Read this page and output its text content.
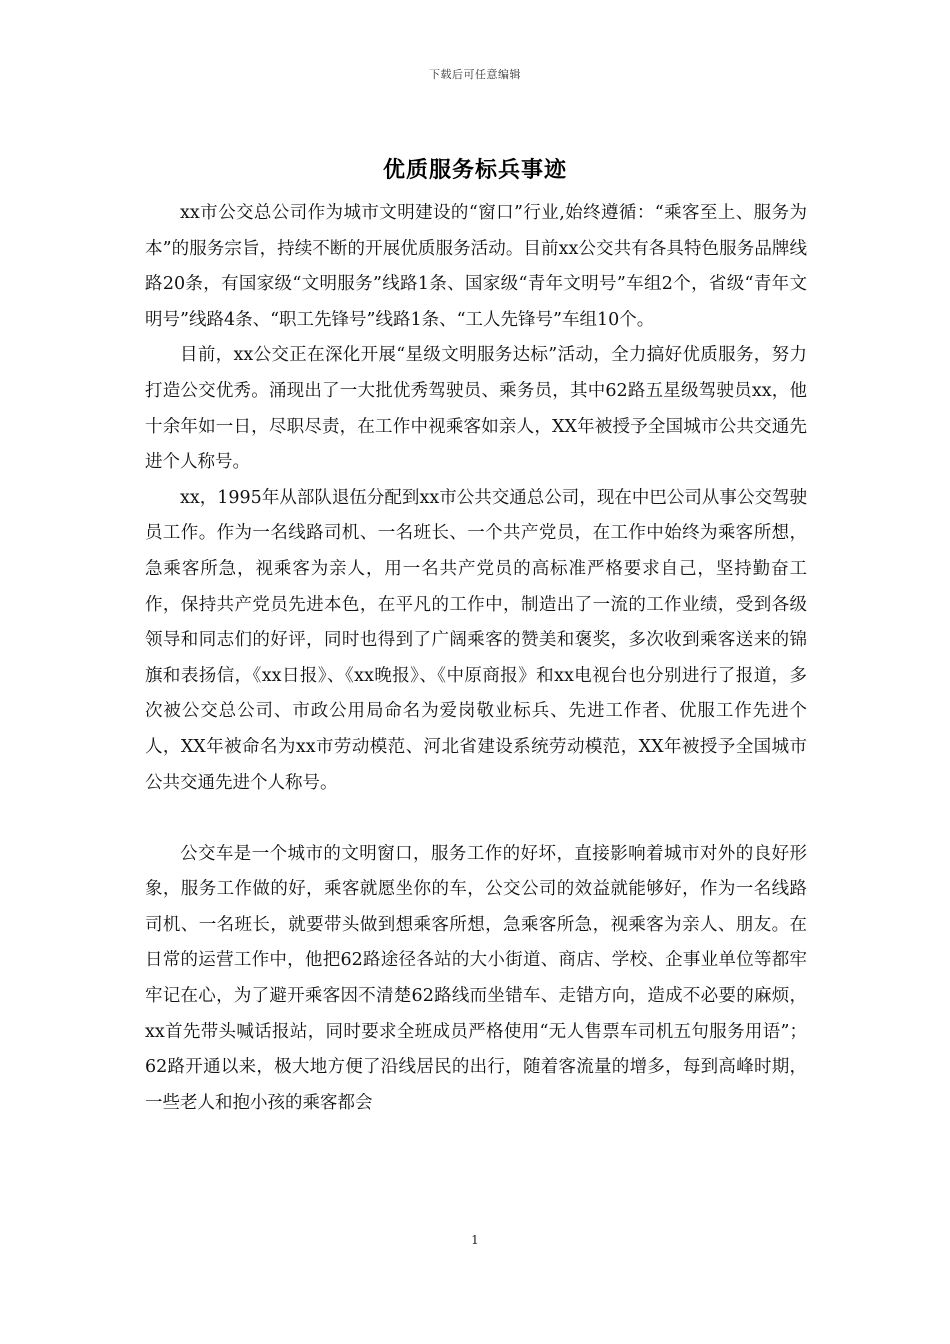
下载后可任意编辑
优质服务标兵事迹

xx市公交总公司作为城市文明建设的“窗口”行业,始终遵循：“乘客至上、服务为本”的服务宗旨，持续不断的开展优质服务活动。目前xx公交共有各具特色服务品牌线路20条，有国家级“文明服务”线路1条、国家级“青年文明号”车组2个，省级“青年文明号”线路4条、“职工先锋号”线路1条、“工人先锋号”车组10个。

目前，xx公交正在深化开展“星级文明服务达标”活动，全力搞好优质服务，努力打造公交优秀。涌现出了一大批优秀驾驶员、乘务员，其中62路五星级驾驶员xx，他十余年如一日，尽职尽责，在工作中视乘客如亲人，XX年被授予全国城市公共交通先进个人称号。

xx，1995年从部队退伍分配到xx市公共交通总公司，现在中巴公司从事公交驾驶员工作。作为一名线路司机、一名班长、一个共产党员，在工作中始终为乘客所想，急乘客所急，视乘客为亲人，用一名共产党员的高标准严格要求自己，坚持勤奋工作，保持共产党员先进本色，在平凡的工作中，制造出了一流的工作业绩，受到各级领导和同志们的好评，同时也得到了广阔乘客的赞美和褒奖，多次收到乘客送来的锦旗和表扬信，《xx日报》、《xx晚报》、《中原商报》和xx电视台也分别进行了报道，多次被公交总公司、市政公用局命名为爱岗敬业标兵、先进工作者、优服工作先进个人，XX年被命名为xx市劳动模范、河北省建设系统劳动模范，XX年被授予全国城市公共交通先进个人称号。

公交车是一个城市的文明窗口，服务工作的好坏，直接影响着城市对外的良好形象，服务工作做的好，乘客就愿坐你的车，公交公司的效益就能够好，作为一名线路司机、一名班长，就要带头做到想乘客所想，急乘客所急，视乘客为亲人、朋友。在日常的运营工作中，他把62路途径各站的大小街道、商店、学校、企事业单位等都牢牢记在心，为了避开乘客因不清楚62路线而坐错车、走错方向，造成不必要的麻烦，xx首先带头喊话报站，同时要求全班成员严格使用“无人售票车司机五句服务用语”；62路开通以来，极大地方便了沿线居民的出行，随着客流量的增多，每到高峰时期，一些老人和抱小孩的乘客都会

1
